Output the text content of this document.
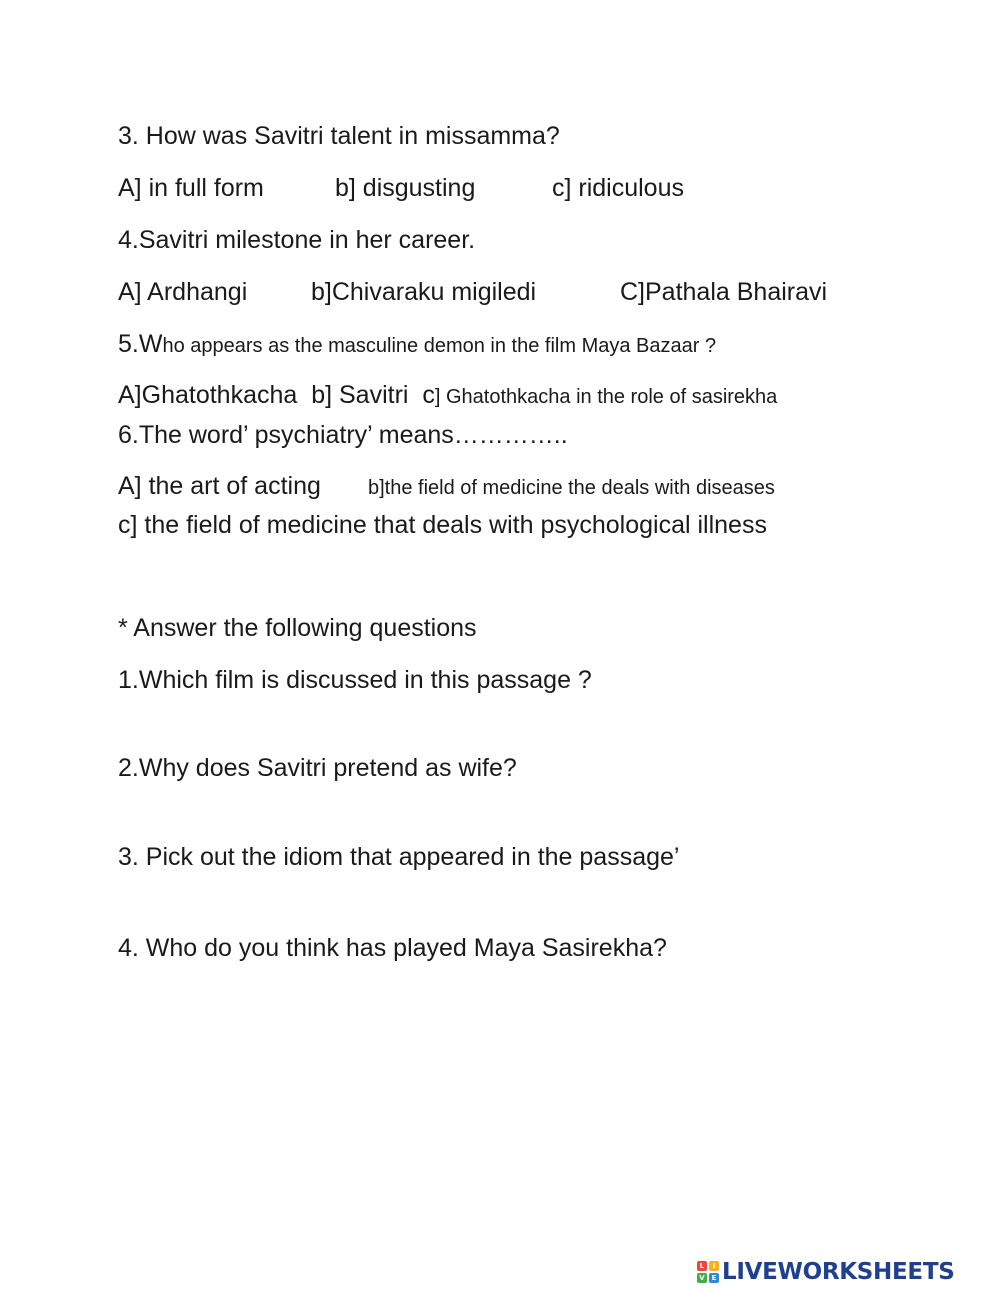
3. How was Savitri talent in missamma?
A] in full form	b] disgusting	c] ridiculous
4.Savitri milestone in her career.
A] Ardhangi	b]Chivaraku migiledi	C]Pathala Bhairavi
5.Who appears as the masculine demon in the film Maya Bazaar ?
A]Ghatothkacha b] Savitri c] Ghatothkacha in the role of sasirekha
6.The word’ psychiatry’ means…………..
A] the art of acting b]the field of medicine the deals with diseases
c] the field of medicine that deals with psychological illness
* Answer the following questions
1.Which film is discussed in this passage ?
2.Why does Savitri pretend as wife?
3. Pick out the idiom that appeared in the passage’
4. Who do you think has played Maya Sasirekha?
L	I
V E LIVEWORKSHEETS
